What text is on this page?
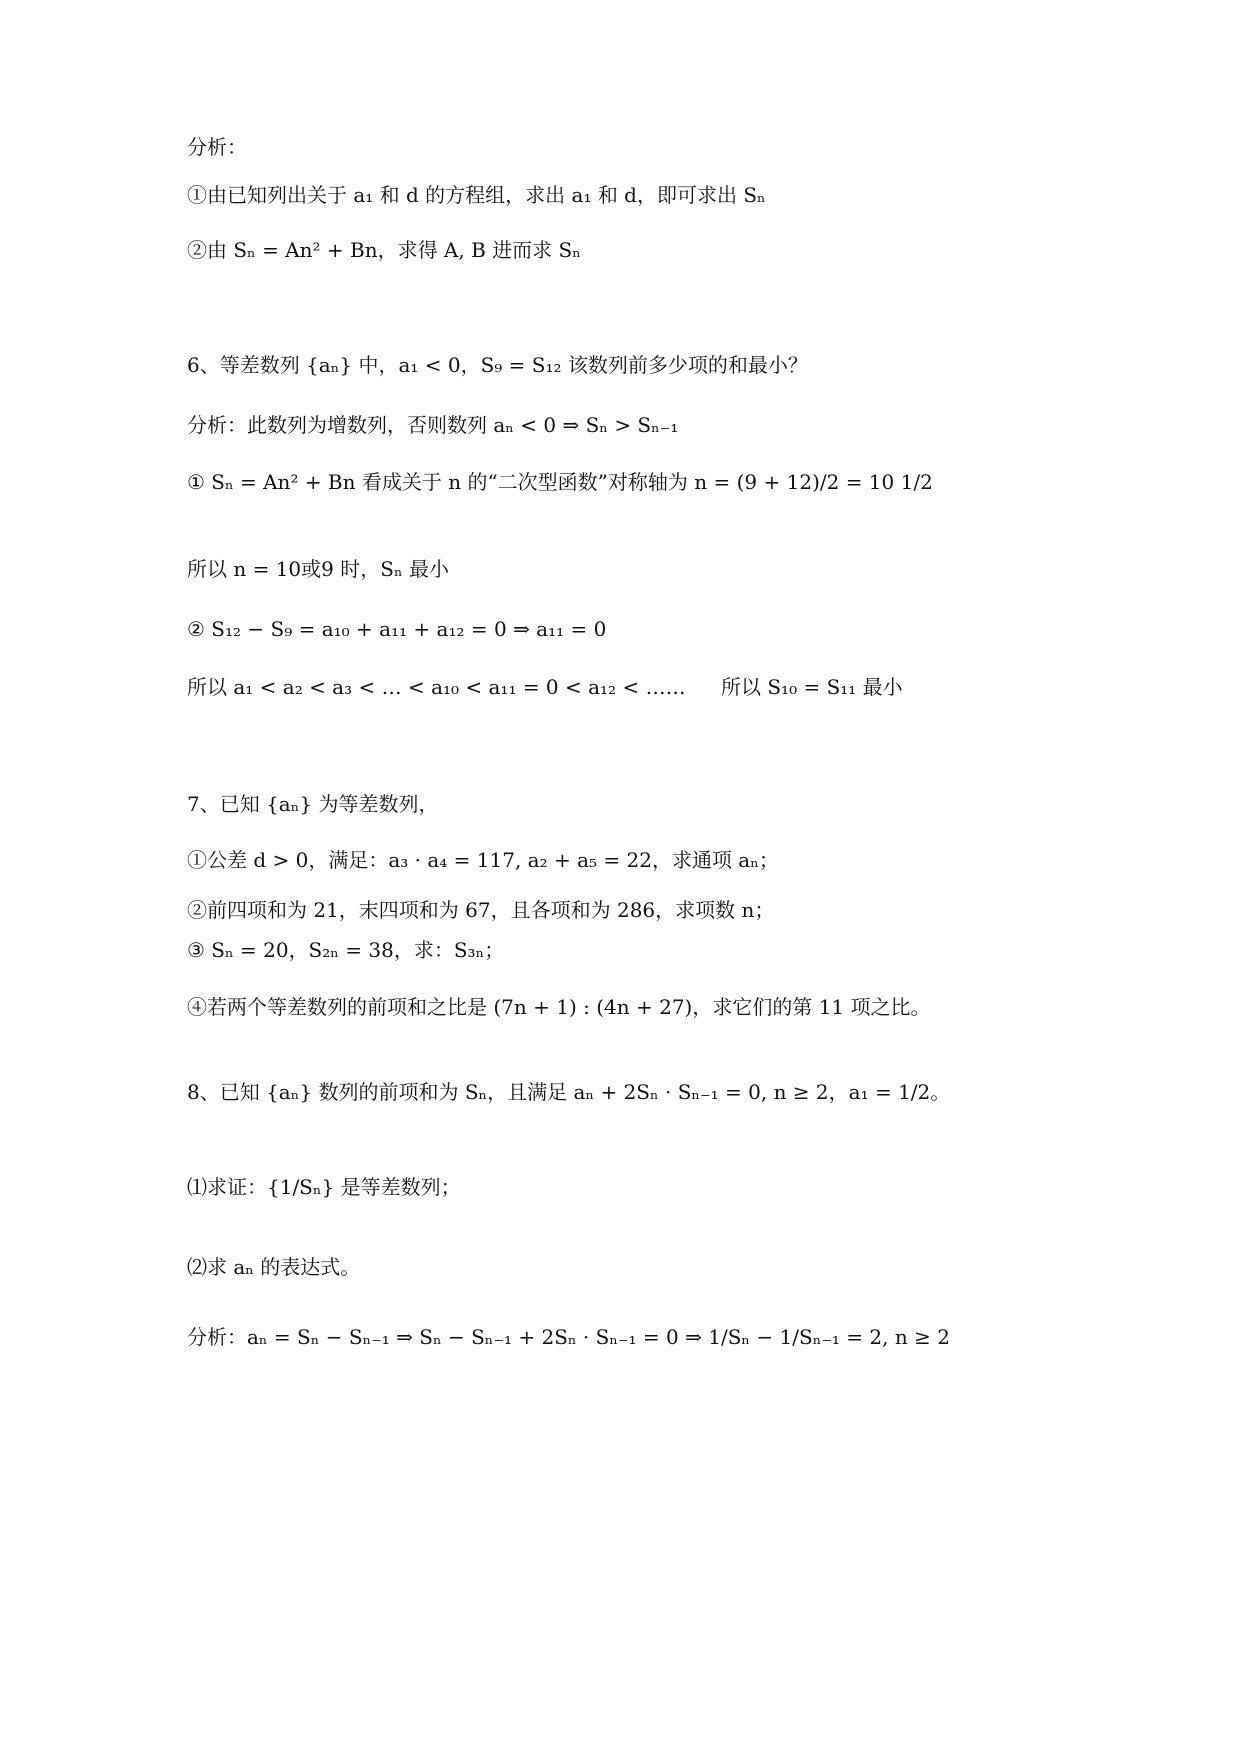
分析：
①由已知列出关于 a₁ 和 d 的方程组，求出 a₁ 和 d，即可求出 Sₙ
②由 Sₙ = An² + Bn，求得 A, B 进而求 Sₙ
6、等差数列 {aₙ} 中，a₁ < 0，S₉ = S₁₂ 该数列前多少项的和最小？
分析：此数列为增数列，否则数列 aₙ < 0 ⇒ Sₙ > Sₙ₋₁
① Sₙ = An² + Bn 看成关于 n 的“二次型函数”对称轴为 n = (9 + 12)/2 = 10 1/2
所以 n = 10或9 时，Sₙ 最小
② S₁₂ − S₉ = a₁₀ + a₁₁ + a₁₂ = 0 ⇒ a₁₁ = 0
所以 a₁ < a₂ < a₃ < … < a₁₀ < a₁₁ = 0 < a₁₂ < …… 所以 S₁₀ = S₁₁ 最小
7、已知 {aₙ} 为等差数列，
①公差 d > 0，满足：a₃ · a₄ = 117, a₂ + a₅ = 22，求通项 aₙ；
②前四项和为 21，末四项和为 67，且各项和为 286，求项数 n；
③ Sₙ = 20，S₂ₙ = 38，求：S₃ₙ；
④若两个等差数列的前项和之比是 (7n + 1) : (4n + 27)，求它们的第 11 项之比。
8、已知 {aₙ} 数列的前项和为 Sₙ，且满足 aₙ + 2Sₙ · Sₙ₋₁ = 0, n ≥ 2，a₁ = 1/2。
⑴求证：{1/Sₙ} 是等差数列；
⑵求 aₙ 的表达式。
分析：aₙ = Sₙ − Sₙ₋₁ ⇒ Sₙ − Sₙ₋₁ + 2Sₙ · Sₙ₋₁ = 0 ⇒ 1/Sₙ − 1/Sₙ₋₁ = 2, n ≥ 2
